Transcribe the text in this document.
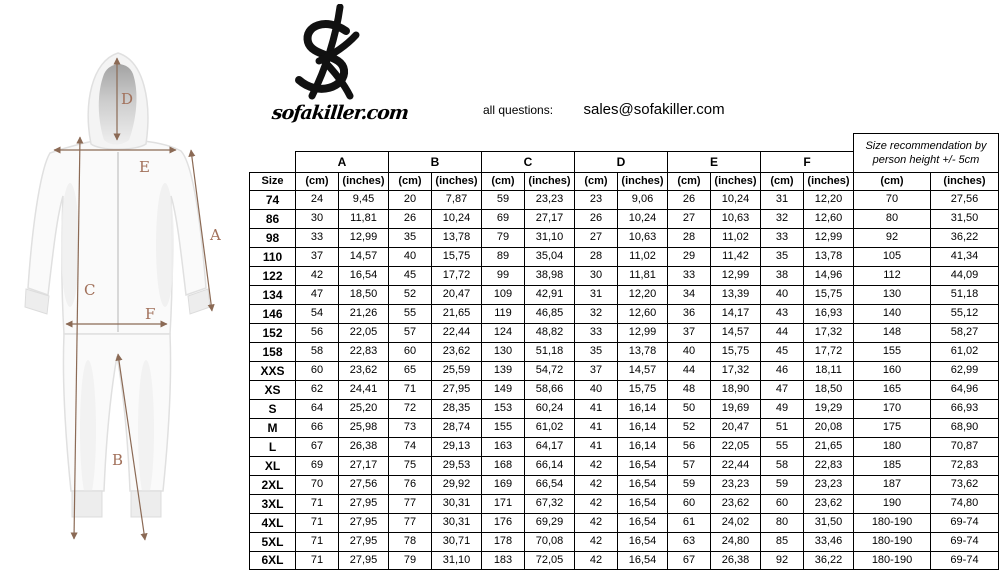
D
E
A
C
F
B
sofakiller.com	all questions: sales@sofakiller.com
Size recommendation by person height +/- 5cm
A	B	C	D	E	F
Size	(cm)	(inches)	(cm)	(inches)	(cm)	(inches)	(cm)	(inches)	(cm)	(inches)	(cm)	(inches)	(cm)	(inches)
74	24	9,45	20	7,87	59	23,23	23	9,06	26	10,24	31	12,20	70	27,56
86	30	11,81	26	10,24	69	27,17	26	10,24	27	10,63	32	12,60	80	31,50
98	33	12,99	35	13,78	79	31,10	27	10,63	28	11,02	33	12,99	92	36,22
110	37	14,57	40	15,75	89	35,04	28	11,02	29	11,42	35	13,78	105	41,34
122	42	16,54	45	17,72	99	38,98	30	11,81	33	12,99	38	14,96	112	44,09
134	47	18,50	52	20,47	109	42,91	31	12,20	34	13,39	40	15,75	130	51,18
146	54	21,26	55	21,65	119	46,85	32	12,60	36	14,17	43	16,93	140	55,12
152	56	22,05	57	22,44	124	48,82	33	12,99	37	14,57	44	17,32	148	58,27
158	58	22,83	60	23,62	130	51,18	35	13,78	40	15,75	45	17,72	155	61,02
XXS	60	23,62	65	25,59	139	54,72	37	14,57	44	17,32	46	18,11	160	62,99
XS	62	24,41	71	27,95	149	58,66	40	15,75	48	18,90	47	18,50	165	64,96
S	64	25,20	72	28,35	153	60,24	41	16,14	50	19,69	49	19,29	170	66,93
M	66	25,98	73	28,74	155	61,02	41	16,14	52	20,47	51	20,08	175	68,90
L	67	26,38	74	29,13	163	64,17	41	16,14	56	22,05	55	21,65	180	70,87
XL	69	27,17	75	29,53	168	66,14	42	16,54	57	22,44	58	22,83	185	72,83
2XL	70	27,56	76	29,92	169	66,54	42	16,54	59	23,23	59	23,23	187	73,62
3XL	71	27,95	77	30,31	171	67,32	42	16,54	60	23,62	60	23,62	190	74,80
4XL	71	27,95	77	30,31	176	69,29	42	16,54	61	24,02	80	31,50	180-190	69-74
5XL	71	27,95	78	30,71	178	70,08	42	16,54	63	24,80	85	33,46	180-190	69-74
6XL	71	27,95	79	31,10	183	72,05	42	16,54	67	26,38	92	36,22	180-190	69-74
